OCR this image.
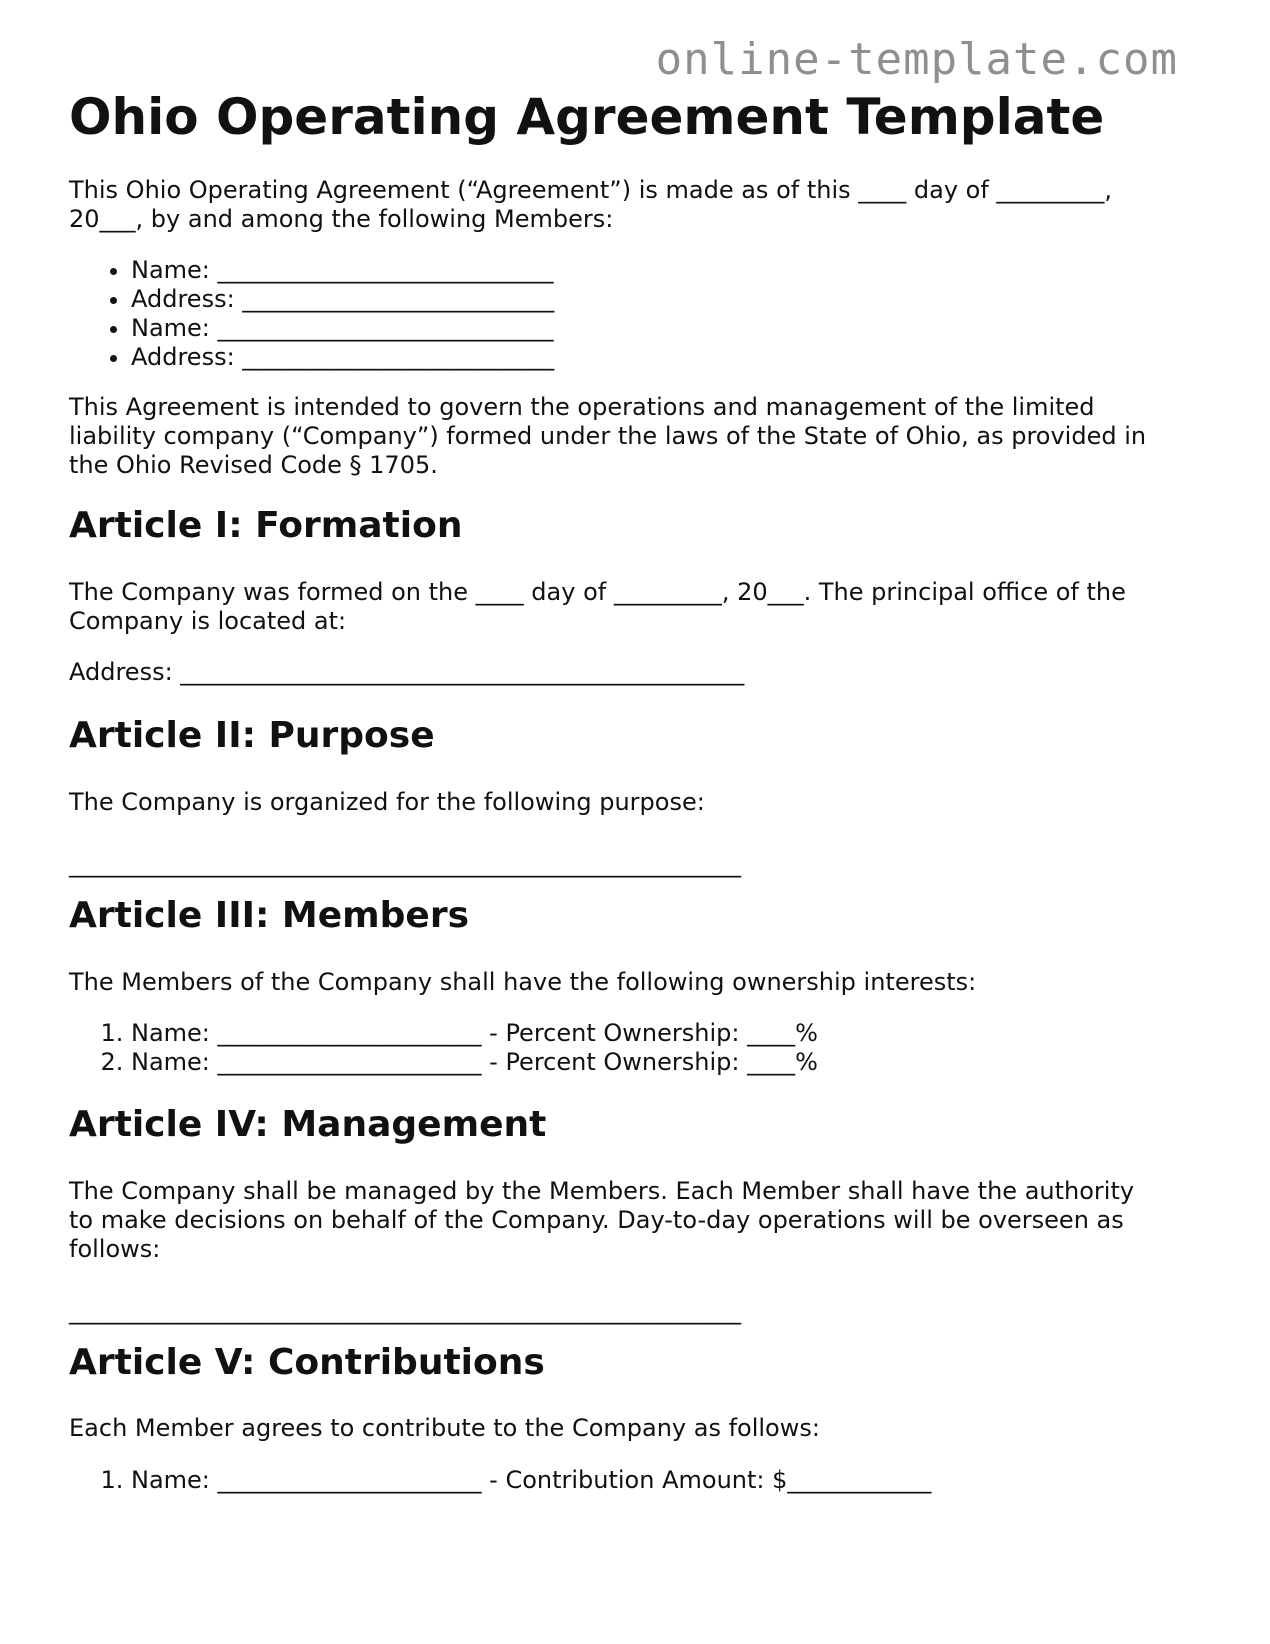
online-template.com
Ohio Operating Agreement Template

This Ohio Operating Agreement (“Agreement”) is made as of this ____ day of _________,
20___, by and among the following Members:

• Name: ____________________________
• Address: __________________________
• Name: ____________________________
• Address: __________________________

This Agreement is intended to govern the operations and management of the limited
liability company (“Company”) formed under the laws of the State of Ohio, as provided in
the Ohio Revised Code § 1705.

Article I: Formation

The Company was formed on the ____ day of _________, 20___. The principal office of the
Company is located at:

Address: _______________________________________________

Article II: Purpose

The Company is organized for the following purpose:

________________________________________________________

Article III: Members

The Members of the Company shall have the following ownership interests:

1. Name: ______________________ - Percent Ownership: ____%
2. Name: ______________________ - Percent Ownership: ____%
Article IV: Management

The Company shall be managed by the Members. Each Member shall have the authority
to make decisions on behalf of the Company. Day-to-day operations will be overseen as
follows:

________________________________________________________

Article V: Contributions

Each Member agrees to contribute to the Company as follows:

1. Name: ______________________ - Contribution Amount: $____________
